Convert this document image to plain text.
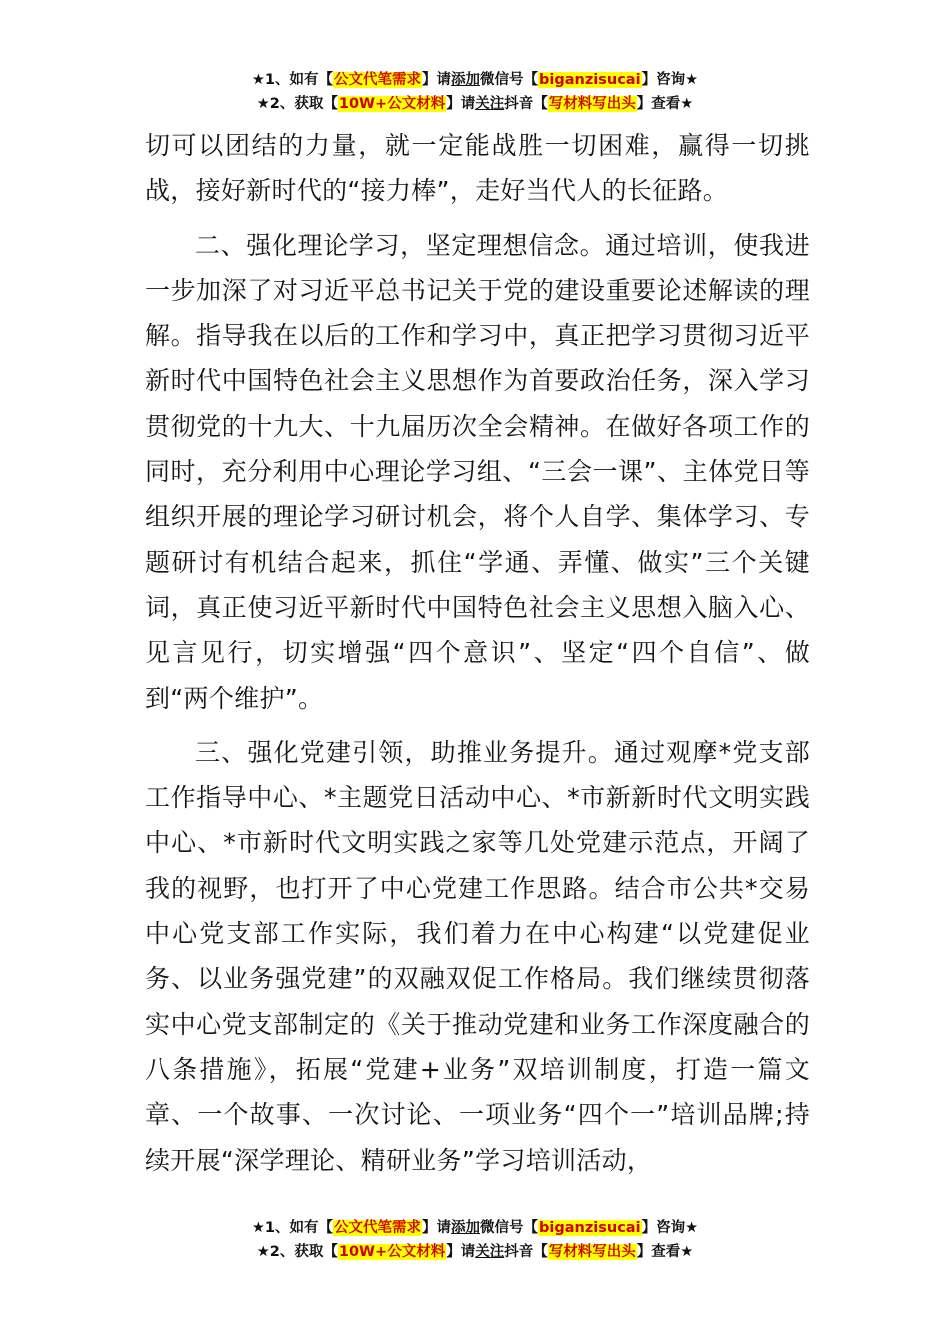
★1、如有【公文代笔需求】请添加微信号【biganzisucai】咨询★
★2、获取【10W+公文材料】请关注抖音【写材料写出头】查看★

切可以团结的力量，就一定能战胜一切困难，赢得一切挑战，接好新时代的“接力棒”，走好当代人的长征路。

二、强化理论学习，坚定理想信念。通过培训，使我进一步加深了对习近平总书记关于党的建设重要论述解读的理解。指导我在以后的工作和学习中，真正把学习贯彻习近平新时代中国特色社会主义思想作为首要政治任务，深入学习贯彻党的十九大、十九届历次全会精神。在做好各项工作的同时，充分利用中心理论学习组、“三会一课”、主体党日等组织开展的理论学习研讨机会，将个人自学、集体学习、专题研讨有机结合起来，抓住“学通、弄懂、做实”三个关键词，真正使习近平新时代中国特色社会主义思想入脑入心、见言见行，切实增强“四个意识”、坚定“四个自信”、做到“两个维护”。

三、强化党建引领，助推业务提升。通过观摩*党支部工作指导中心、*主题党日活动中心、*市新新时代文明实践中心、*市新时代文明实践之家等几处党建示范点，开阔了我的视野，也打开了中心党建工作思路。结合市公共*交易中心党支部工作实际，我们着力在中心构建“以党建促业务、以业务强党建”的双融双促工作格局。我们继续贯彻落实中心党支部制定的《关于推动党建和业务工作深度融合的八条措施》，拓展“党建+业务”双培训制度，打造一篇文章、一个故事、一次讨论、一项业务“四个一”培训品牌;持续开展“深学理论、精研业务”学习培训活动，

★1、如有【公文代笔需求】请添加微信号【biganzisucai】咨询★
★2、获取【10W+公文材料】请关注抖音【写材料写出头】查看★
